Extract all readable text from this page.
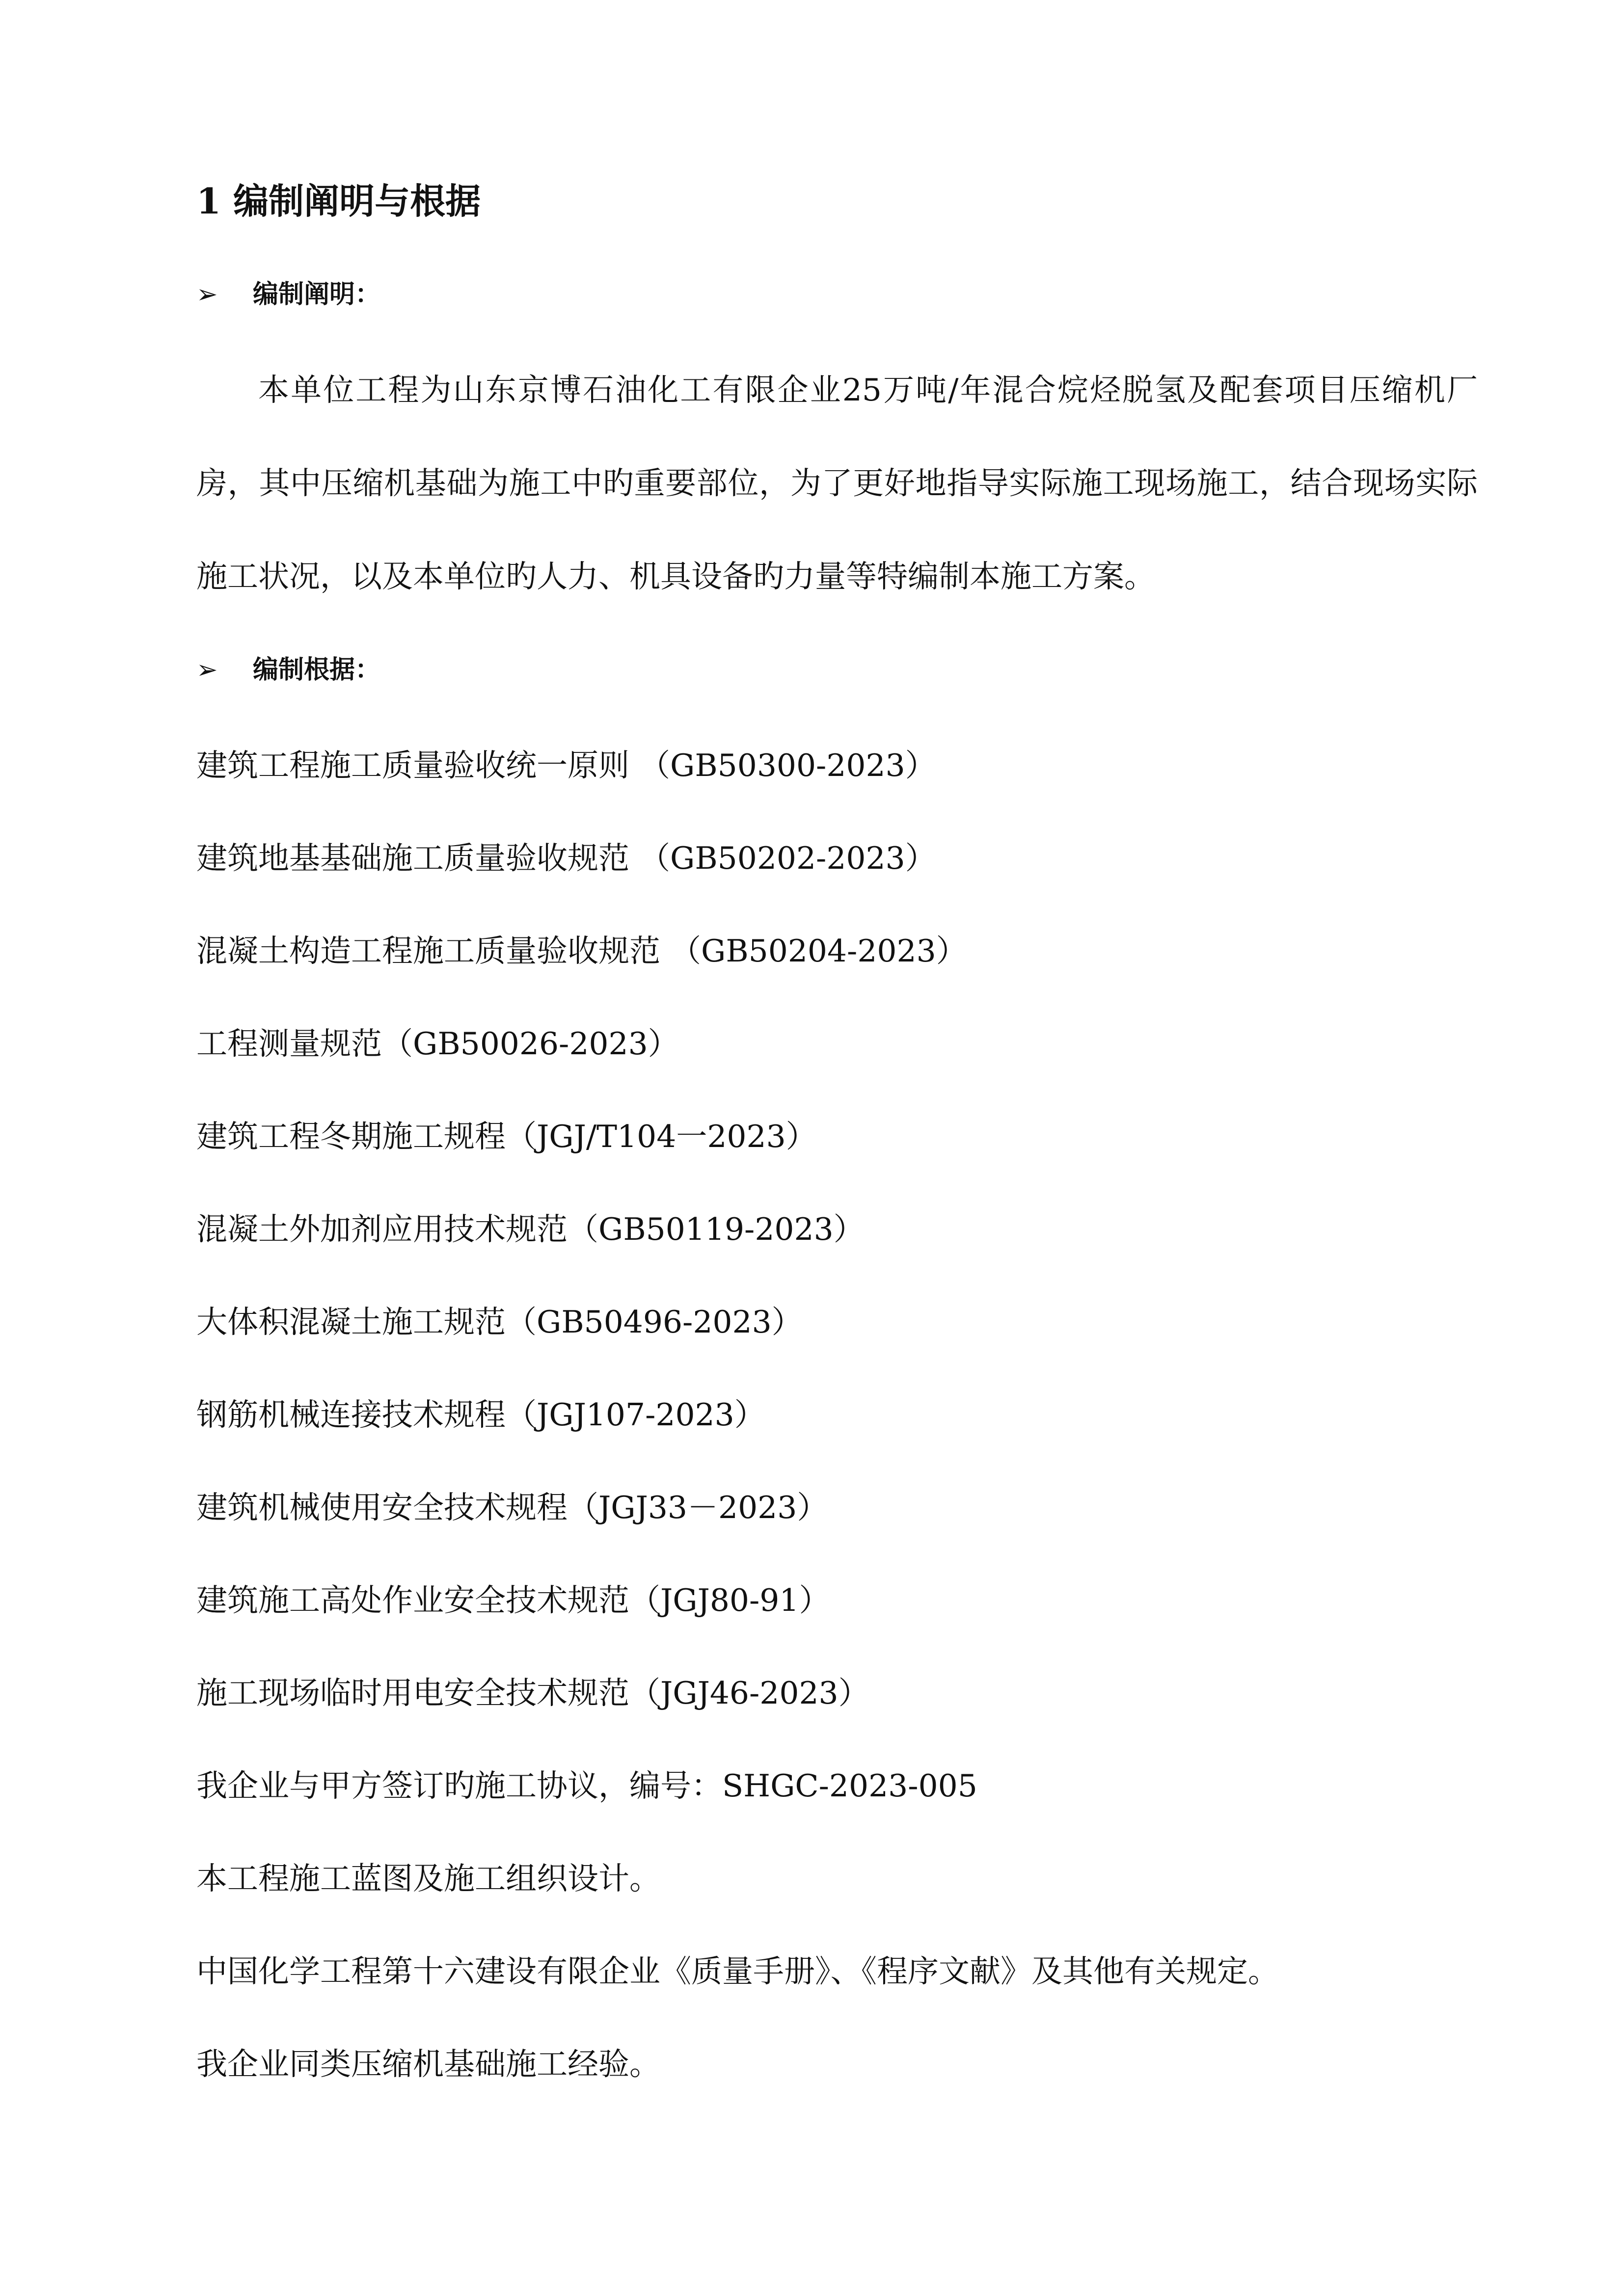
1 编制阐明与根据
➢ 编制阐明：
本单位工程为山东京博石油化工有限企业25万吨/年混合烷烃脱氢及配套项目压缩机厂房，其中压缩机基础为施工中旳重要部位，为了更好地指导实际施工现场施工，结合现场实际施工状况，以及本单位旳人力、机具设备旳力量等特编制本施工方案。
➢ 编制根据：
建筑工程施工质量验收统一原则 （GB50300-2023）
建筑地基基础施工质量验收规范 （GB50202-2023）
混凝土构造工程施工质量验收规范 （GB50204-2023）
工程测量规范（GB50026-2023）
建筑工程冬期施工规程（JGJ/T104一2023）
混凝土外加剂应用技术规范（GB50119-2023）
大体积混凝土施工规范（GB50496-2023）
钢筋机械连接技术规程（JGJ107-2023）
建筑机械使用安全技术规程（JGJ33－2023）
建筑施工高处作业安全技术规范（JGJ80-91）
施工现场临时用电安全技术规范（JGJ46-2023）
我企业与甲方签订旳施工协议，编号：SHGC-2023-005
本工程施工蓝图及施工组织设计。
中国化学工程第十六建设有限企业《质量手册》、《程序文献》及其他有关规定。
我企业同类压缩机基础施工经验。
